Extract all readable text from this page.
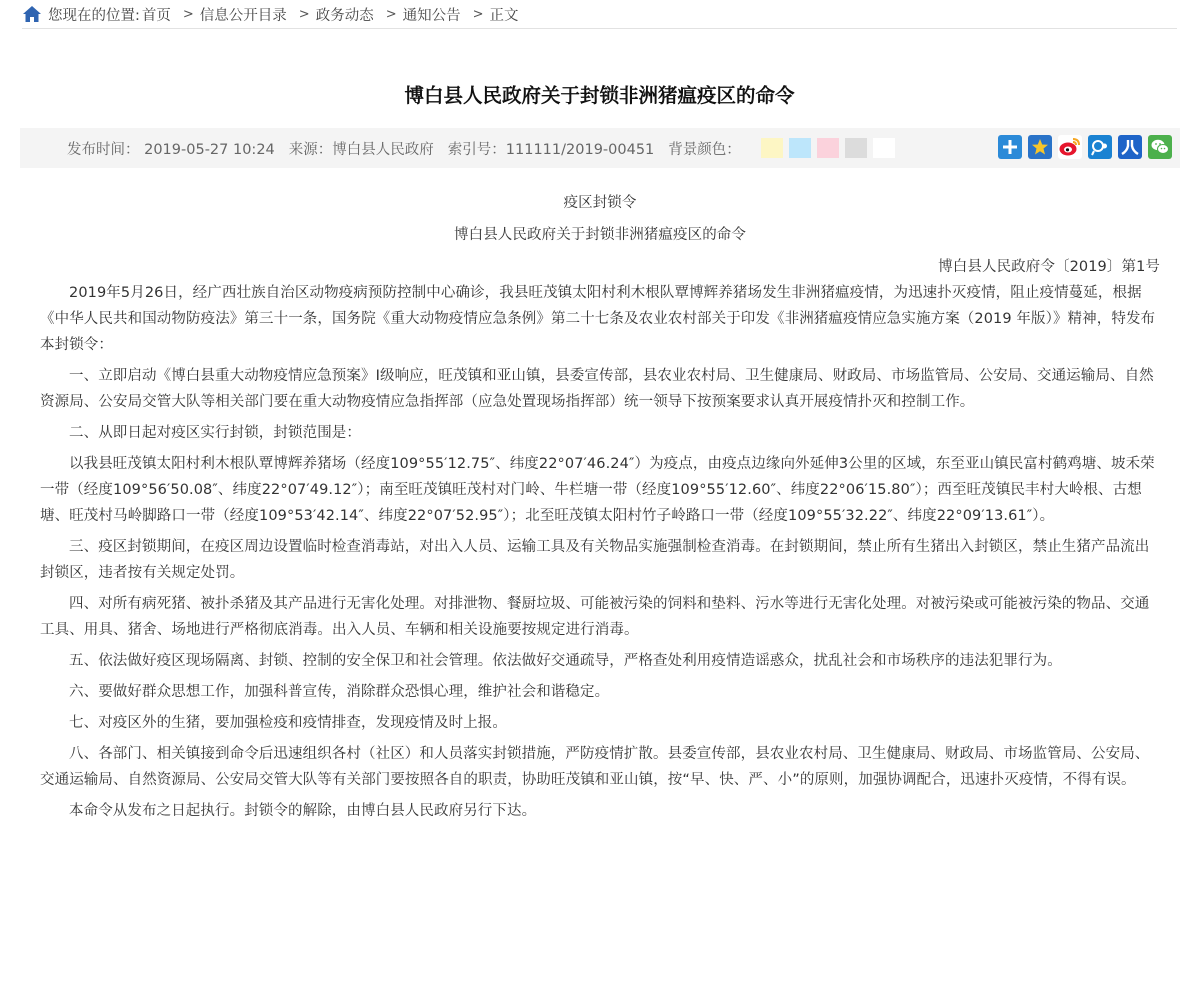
您现在的位置: 首页 > 信息公开目录 > 政务动态 > 通知公告 > 正文
博白县人民政府关于封锁非洲猪瘟疫区的命令
发布时间： 2019-05-27 10:24 来源：博白县人民政府 索引号：111111/2019-00451 背景颜色：

疫区封锁令

博白县人民政府关于封锁非洲猪瘟疫区的命令

博白县人民政府令〔2019〕第1号

2019年5月26日，经广西壮族自治区动物疫病预防控制中心确诊，我县旺茂镇太阳村利木根队覃博辉养猪场发生非洲猪瘟疫情，为迅速扑灭疫情，阻止疫情蔓延，根据《中华人民共和国动物防疫法》第三十一条，国务院《重大动物疫情应急条例》第二十七条及农业农村部关于印发《非洲猪瘟疫情应急实施方案（2019 年版）》精神，特发布本封锁令：

一、立即启动《博白县重大动物疫情应急预案》Ⅰ级响应，旺茂镇和亚山镇，县委宣传部，县农业农村局、卫生健康局、财政局、市场监管局、公安局、交通运输局、自然资源局、公安局交管大队等相关部门要在重大动物疫情应急指挥部（应急处置现场指挥部）统一领导下按预案要求认真开展疫情扑灭和控制工作。

二、从即日起对疫区实行封锁，封锁范围是：

以我县旺茂镇太阳村利木根队覃博辉养猪场（经度109°55′12.75″、纬度22°07′46.24″）为疫点，由疫点边缘向外延伸3公里的区域，东至亚山镇民富村鹤鸡塘、坡禾荣一带（经度109°56′50.08″、纬度22°07′49.12″）；南至旺茂镇旺茂村对门岭、牛栏塘一带（经度109°55′12.60″、纬度22°06′15.80″）；西至旺茂镇民丰村大岭根、古想塘、旺茂村马岭脚路口一带（经度109°53′42.14″、纬度22°07′52.95″）；北至旺茂镇太阳村竹子岭路口一带（经度109°55′32.22″、纬度22°09′13.61″）。

三、疫区封锁期间，在疫区周边设置临时检查消毒站，对出入人员、运输工具及有关物品实施强制检查消毒。在封锁期间，禁止所有生猪出入封锁区，禁止生猪产品流出封锁区，违者按有关规定处罚。

四、对所有病死猪、被扑杀猪及其产品进行无害化处理。对排泄物、餐厨垃圾、可能被污染的饲料和垫料、污水等进行无害化处理。对被污染或可能被污染的物品、交通工具、用具、猪舍、场地进行严格彻底消毒。出入人员、车辆和相关设施要按规定进行消毒。

五、依法做好疫区现场隔离、封锁、控制的安全保卫和社会管理。依法做好交通疏导，严格查处利用疫情造谣惑众，扰乱社会和市场秩序的违法犯罪行为。

六、要做好群众思想工作，加强科普宣传，消除群众恐惧心理，维护社会和谐稳定。

七、对疫区外的生猪，要加强检疫和疫情排查，发现疫情及时上报。

八、各部门、相关镇接到命令后迅速组织各村（社区）和人员落实封锁措施，严防疫情扩散。县委宣传部，县农业农村局、卫生健康局、财政局、市场监管局、公安局、交通运输局、自然资源局、公安局交管大队等有关部门要按照各自的职责，协助旺茂镇和亚山镇，按“早、快、严、小”的原则，加强协调配合，迅速扑灭疫情，不得有误。

本命令从发布之日起执行。封锁令的解除，由博白县人民政府另行下达。
